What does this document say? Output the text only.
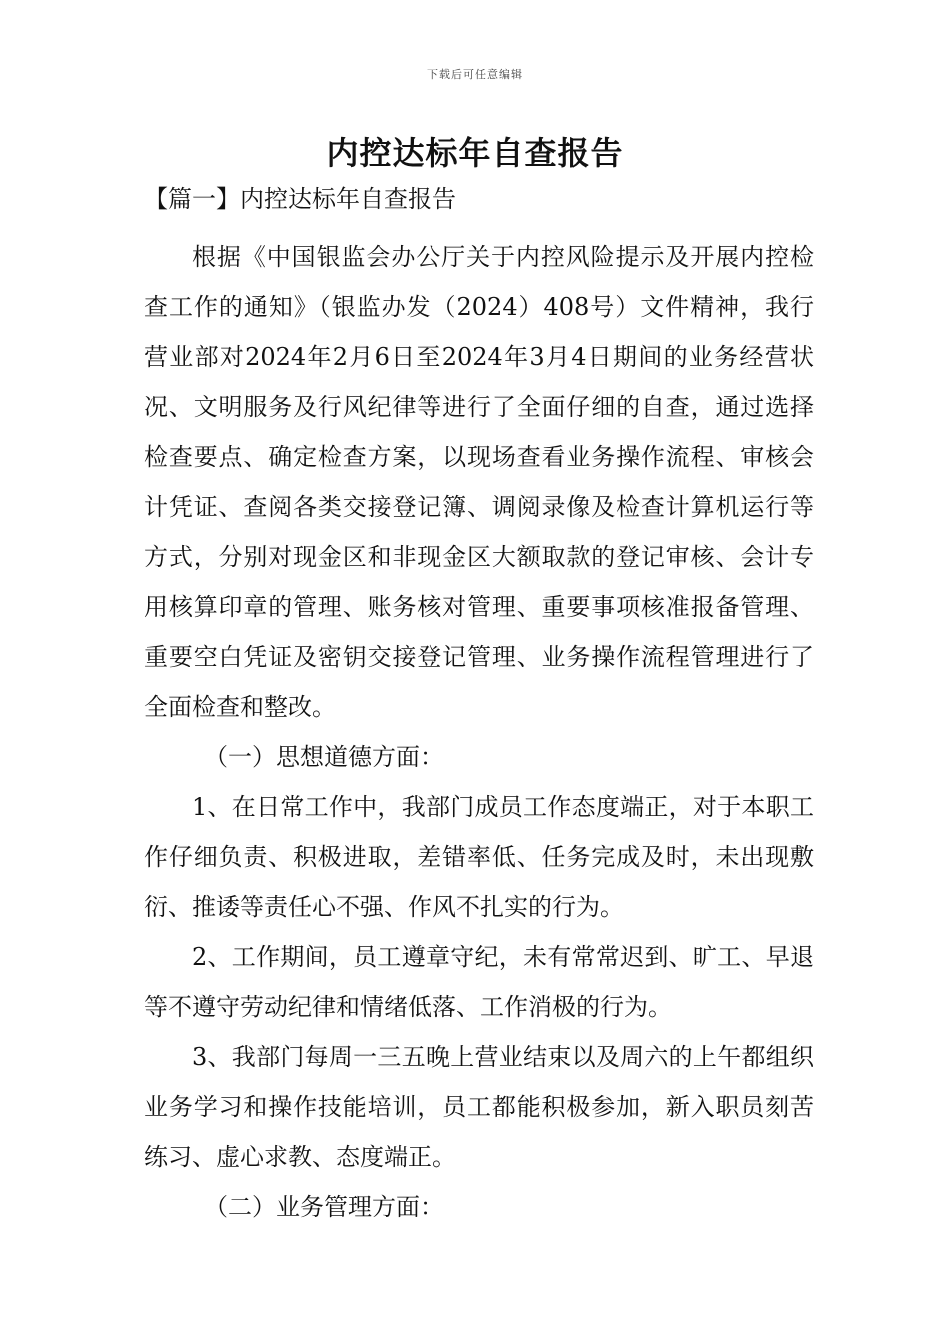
下载后可任意编辑
内控达标年自查报告
【篇一】内控达标年自查报告

根据《中国银监会办公厅关于内控风险提示及开展内控检查工作的通知》（银监办发（2024）408号）文件精神，我行营业部对2024年2月6日至2024年3月4日期间的业务经营状况、文明服务及行风纪律等进行了全面仔细的自查，通过选择检查要点、确定检查方案，以现场查看业务操作流程、审核会计凭证、查阅各类交接登记簿、调阅录像及检查计算机运行等方式，分别对现金区和非现金区大额取款的登记审核、会计专用核算印章的管理、账务核对管理、重要事项核准报备管理、重要空白凭证及密钥交接登记管理、业务操作流程管理进行了全面检查和整改。

（一）思想道德方面：

1、在日常工作中，我部门成员工作态度端正，对于本职工作仔细负责、积极进取，差错率低、任务完成及时，未出现敷衍、推诿等责任心不强、作风不扎实的行为。

2、工作期间，员工遵章守纪，未有常常迟到、旷工、早退等不遵守劳动纪律和情绪低落、工作消极的行为。

3、我部门每周一三五晚上营业结束以及周六的上午都组织业务学习和操作技能培训，员工都能积极参加，新入职员刻苦练习、虚心求教、态度端正。

（二）业务管理方面：
